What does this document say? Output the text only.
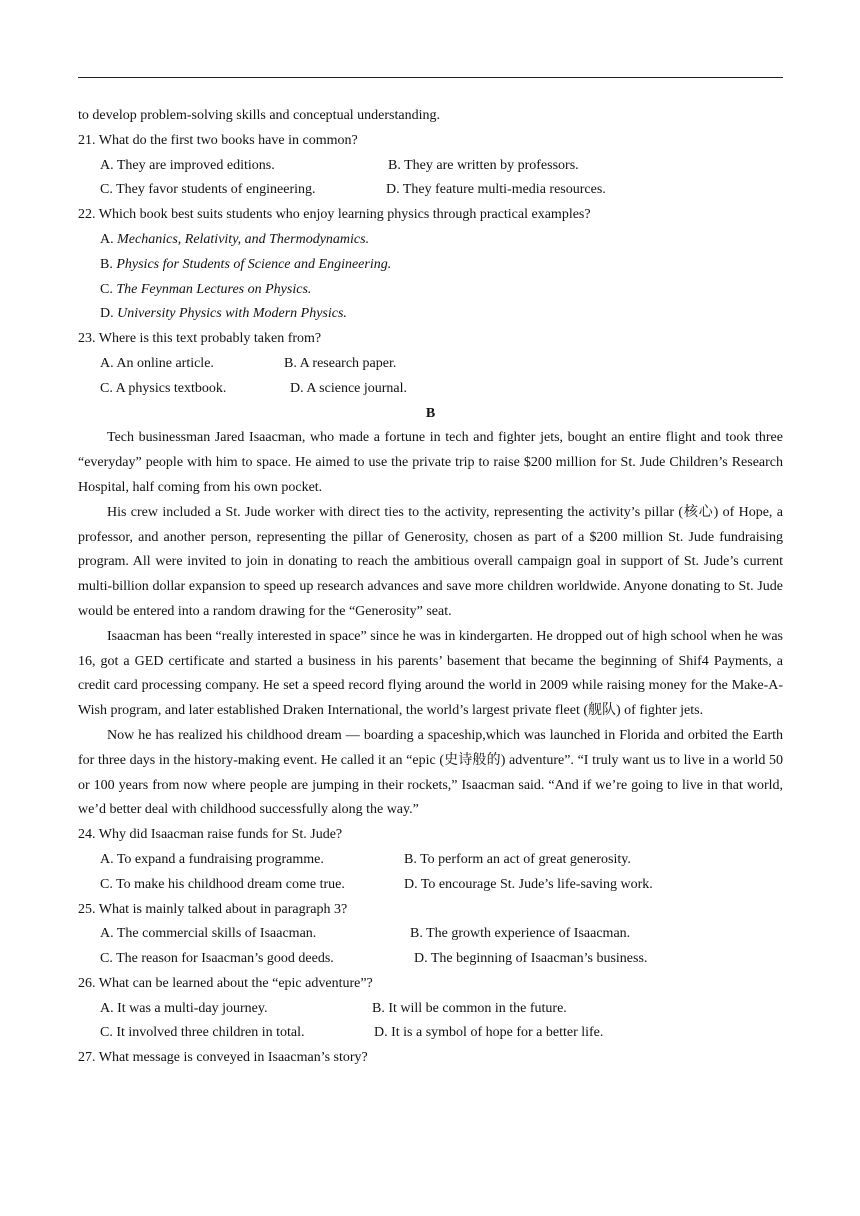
to develop problem-solving skills and conceptual understanding.
21. What do the first two books have in common?
A. They are improved editions.	B. They are written by professors.
C. They favor students of engineering.	D. They feature multi-media resources.
22. Which book best suits students who enjoy learning physics through practical examples?
A. Mechanics, Relativity, and Thermodynamics.
B. Physics for Students of Science and Engineering.
C. The Feynman Lectures on Physics.
D. University Physics with Modern Physics.
23. Where is this text probably taken from?
A. An online article.	B. A research paper.
C. A physics textbook.	D. A science journal.
B
Tech businessman Jared Isaacman, who made a fortune in tech and fighter jets, bought an entire flight and took three “everyday” people with him to space. He aimed to use the private trip to raise $200 million for St. Jude Children’s Research Hospital, half coming from his own pocket.
His crew included a St. Jude worker with direct ties to the activity, representing the activity’s pillar (核心) of Hope, a professor, and another person, representing the pillar of Generosity, chosen as part of a $200 million St. Jude fundraising program. All were invited to join in donating to reach the ambitious overall campaign goal in support of St. Jude’s current multi-billion dollar expansion to speed up research advances and save more children worldwide. Anyone donating to St. Jude would be entered into a random drawing for the “Generosity” seat.
Isaacman has been “really interested in space” since he was in kindergarten. He dropped out of high school when he was 16, got a GED certificate and started a business in his parents’ basement that became the beginning of Shif4 Payments, a credit card processing company. He set a speed record flying around the world in 2009 while raising money for the Make-A-Wish program, and later established Draken International, the world’s largest private fleet (舰队) of fighter jets.
Now he has realized his childhood dream — boarding a spaceship,which was launched in Florida and orbited the Earth for three days in the history-making event. He called it an “epic (史诗般的) adventure”. “I truly want us to live in a world 50 or 100 years from now where people are jumping in their rockets,” Isaacman said. “And if we’re going to live in that world, we’d better deal with childhood successfully along the way.”
24. Why did Isaacman raise funds for St. Jude?
A. To expand a fundraising programme.	B. To perform an act of great generosity.
C. To make his childhood dream come true.	D. To encourage St. Jude’s life-saving work.
25. What is mainly talked about in paragraph 3?
A. The commercial skills of Isaacman.	B. The growth experience of Isaacman.
C. The reason for Isaacman’s good deeds.	D. The beginning of Isaacman’s business.
26. What can be learned about the “epic adventure”?
A. It was a multi-day journey.	B. It will be common in the future.
C. It involved three children in total.	D. It is a symbol of hope for a better life.
27. What message is conveyed in Isaacman’s story?
